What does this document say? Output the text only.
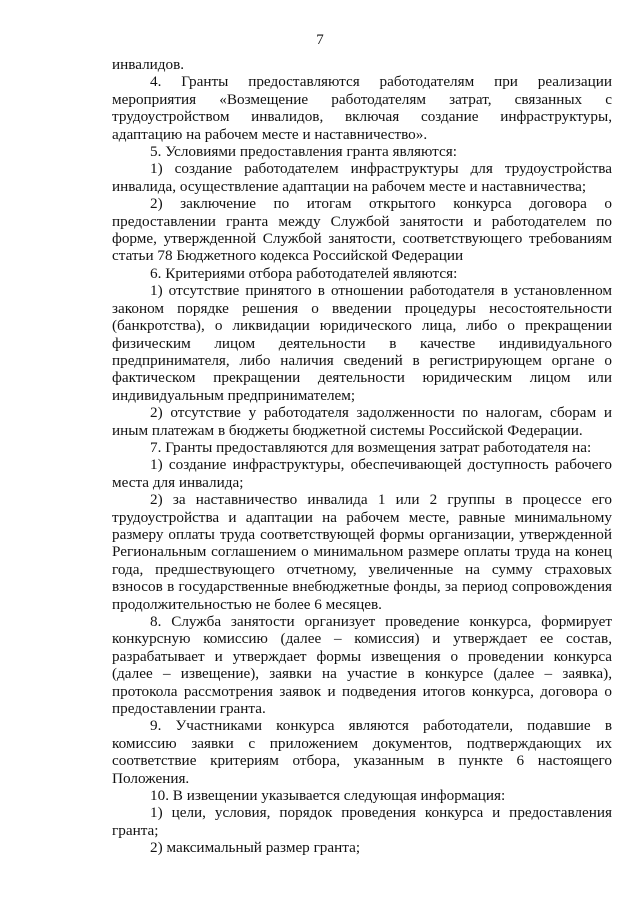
7

инвалидов.

4. Гранты предоставляются работодателям при реализации мероприятия «Возмещение работодателям затрат, связанных с трудоустройством инвалидов, включая создание инфраструктуры, адаптацию на рабочем месте и наставничество».

5. Условиями предоставления гранта являются:

1) создание работодателем инфраструктуры для трудоустройства инвалида, осуществление адаптации на рабочем месте и наставничества;

2) заключение по итогам открытого конкурса договора о предоставлении гранта между Службой занятости и работодателем по форме, утвержденной Службой занятости, соответствующего требованиям статьи 78 Бюджетного кодекса Российской Федерации

6. Критериями отбора работодателей являются:

1) отсутствие принятого в отношении работодателя в установленном законом порядке решения о введении процедуры несостоятельности (банкротства), о ликвидации юридического лица, либо о прекращении физическим лицом деятельности в качестве индивидуального предпринимателя, либо наличия сведений в регистрирующем органе о фактическом прекращении деятельности юридическим лицом или индивидуальным предпринимателем;

2) отсутствие у работодателя задолженности по налогам, сборам и иным платежам в бюджеты бюджетной системы Российской Федерации.

7. Гранты предоставляются для возмещения затрат работодателя на:

1) создание инфраструктуры, обеспечивающей доступность рабочего места для инвалида;

2) за наставничество инвалида 1 или 2 группы в процессе его трудоустройства и адаптации на рабочем месте, равные минимальному размеру оплаты труда соответствующей формы организации, утвержденной Региональным соглашением о минимальном размере оплаты труда на конец года, предшествующего отчетному, увеличенные на сумму страховых взносов в государственные внебюджетные фонды, за период сопровождения продолжительностью не более 6 месяцев.

8. Служба занятости организует проведение конкурса, формирует конкурсную комиссию (далее – комиссия) и утверждает ее состав, разрабатывает и утверждает формы извещения о проведении конкурса (далее – извещение), заявки на участие в конкурсе (далее – заявка), протокола рассмотрения заявок и подведения итогов конкурса, договора о предоставлении гранта.

9. Участниками конкурса являются работодатели, подавшие в комиссию заявки с приложением документов, подтверждающих их соответствие критериям отбора, указанным в пункте 6 настоящего Положения.

10. В извещении указывается следующая информация:

1) цели, условия, порядок проведения конкурса и предоставления гранта;

2) максимальный размер гранта;
